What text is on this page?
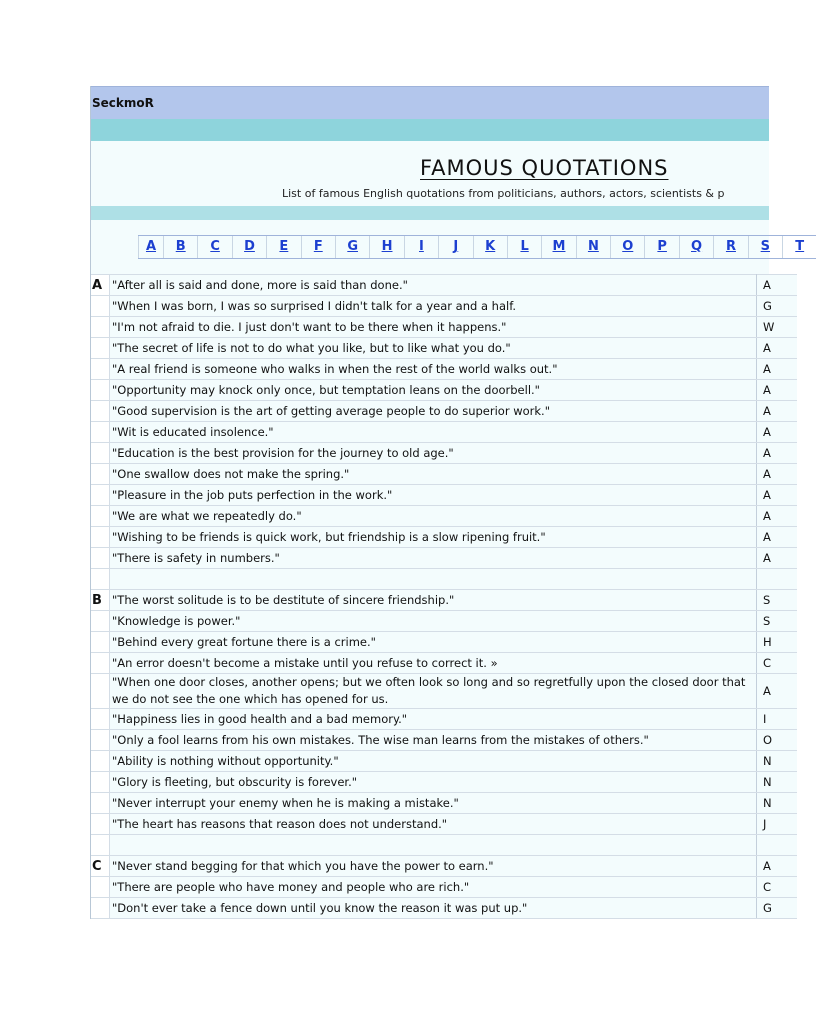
SeckmoR
FAMOUS QUOTATIONS
List of famous English quotations from politicians, authors, actors, scientists & p
A	B	C	D	E	F	G	H	I	J	K	L	M	N	O	P	Q	R	S	T
A	"After all is said and done, more is said than done."	A
	"When I was born, I was so surprised I didn't talk for a year and a half.	G
	"I'm not afraid to die. I just don't want to be there when it happens."	W
	"The secret of life is not to do what you like, but to like what you do."	A
	"A real friend is someone who walks in when the rest of the world walks out."	A
	"Opportunity may knock only once, but temptation leans on the doorbell."	A
	"Good supervision is the art of getting average people to do superior work."	A
	"Wit is educated insolence."	A
	"Education is the best provision for the journey to old age."	A
	"One swallow does not make the spring."	A
	"Pleasure in the job puts perfection in the work."	A
	"We are what we repeatedly do."	A
	"Wishing to be friends is quick work, but friendship is a slow ripening fruit."	A
	"There is safety in numbers."	A

B	"The worst solitude is to be destitute of sincere friendship."	S
	"Knowledge is power."	S
	"Behind every great fortune there is a crime."	H
	"An error doesn't become a mistake until you refuse to correct it. »	C
	"When one door closes, another opens; but we often look so long and so regretfully upon the closed door that we do not see the one which has opened for us.	A
	"Happiness lies in good health and a bad memory."	I
	"Only a fool learns from his own mistakes. The wise man learns from the mistakes of others."	O
	"Ability is nothing without opportunity."	N
	"Glory is fleeting, but obscurity is forever."	N
	"Never interrupt your enemy when he is making a mistake."	N
	"The heart has reasons that reason does not understand."	J

C	"Never stand begging for that which you have the power to earn."	A
	"There are people who have money and people who are rich."	C
	"Don't ever take a fence down until you know the reason it was put up."	G
